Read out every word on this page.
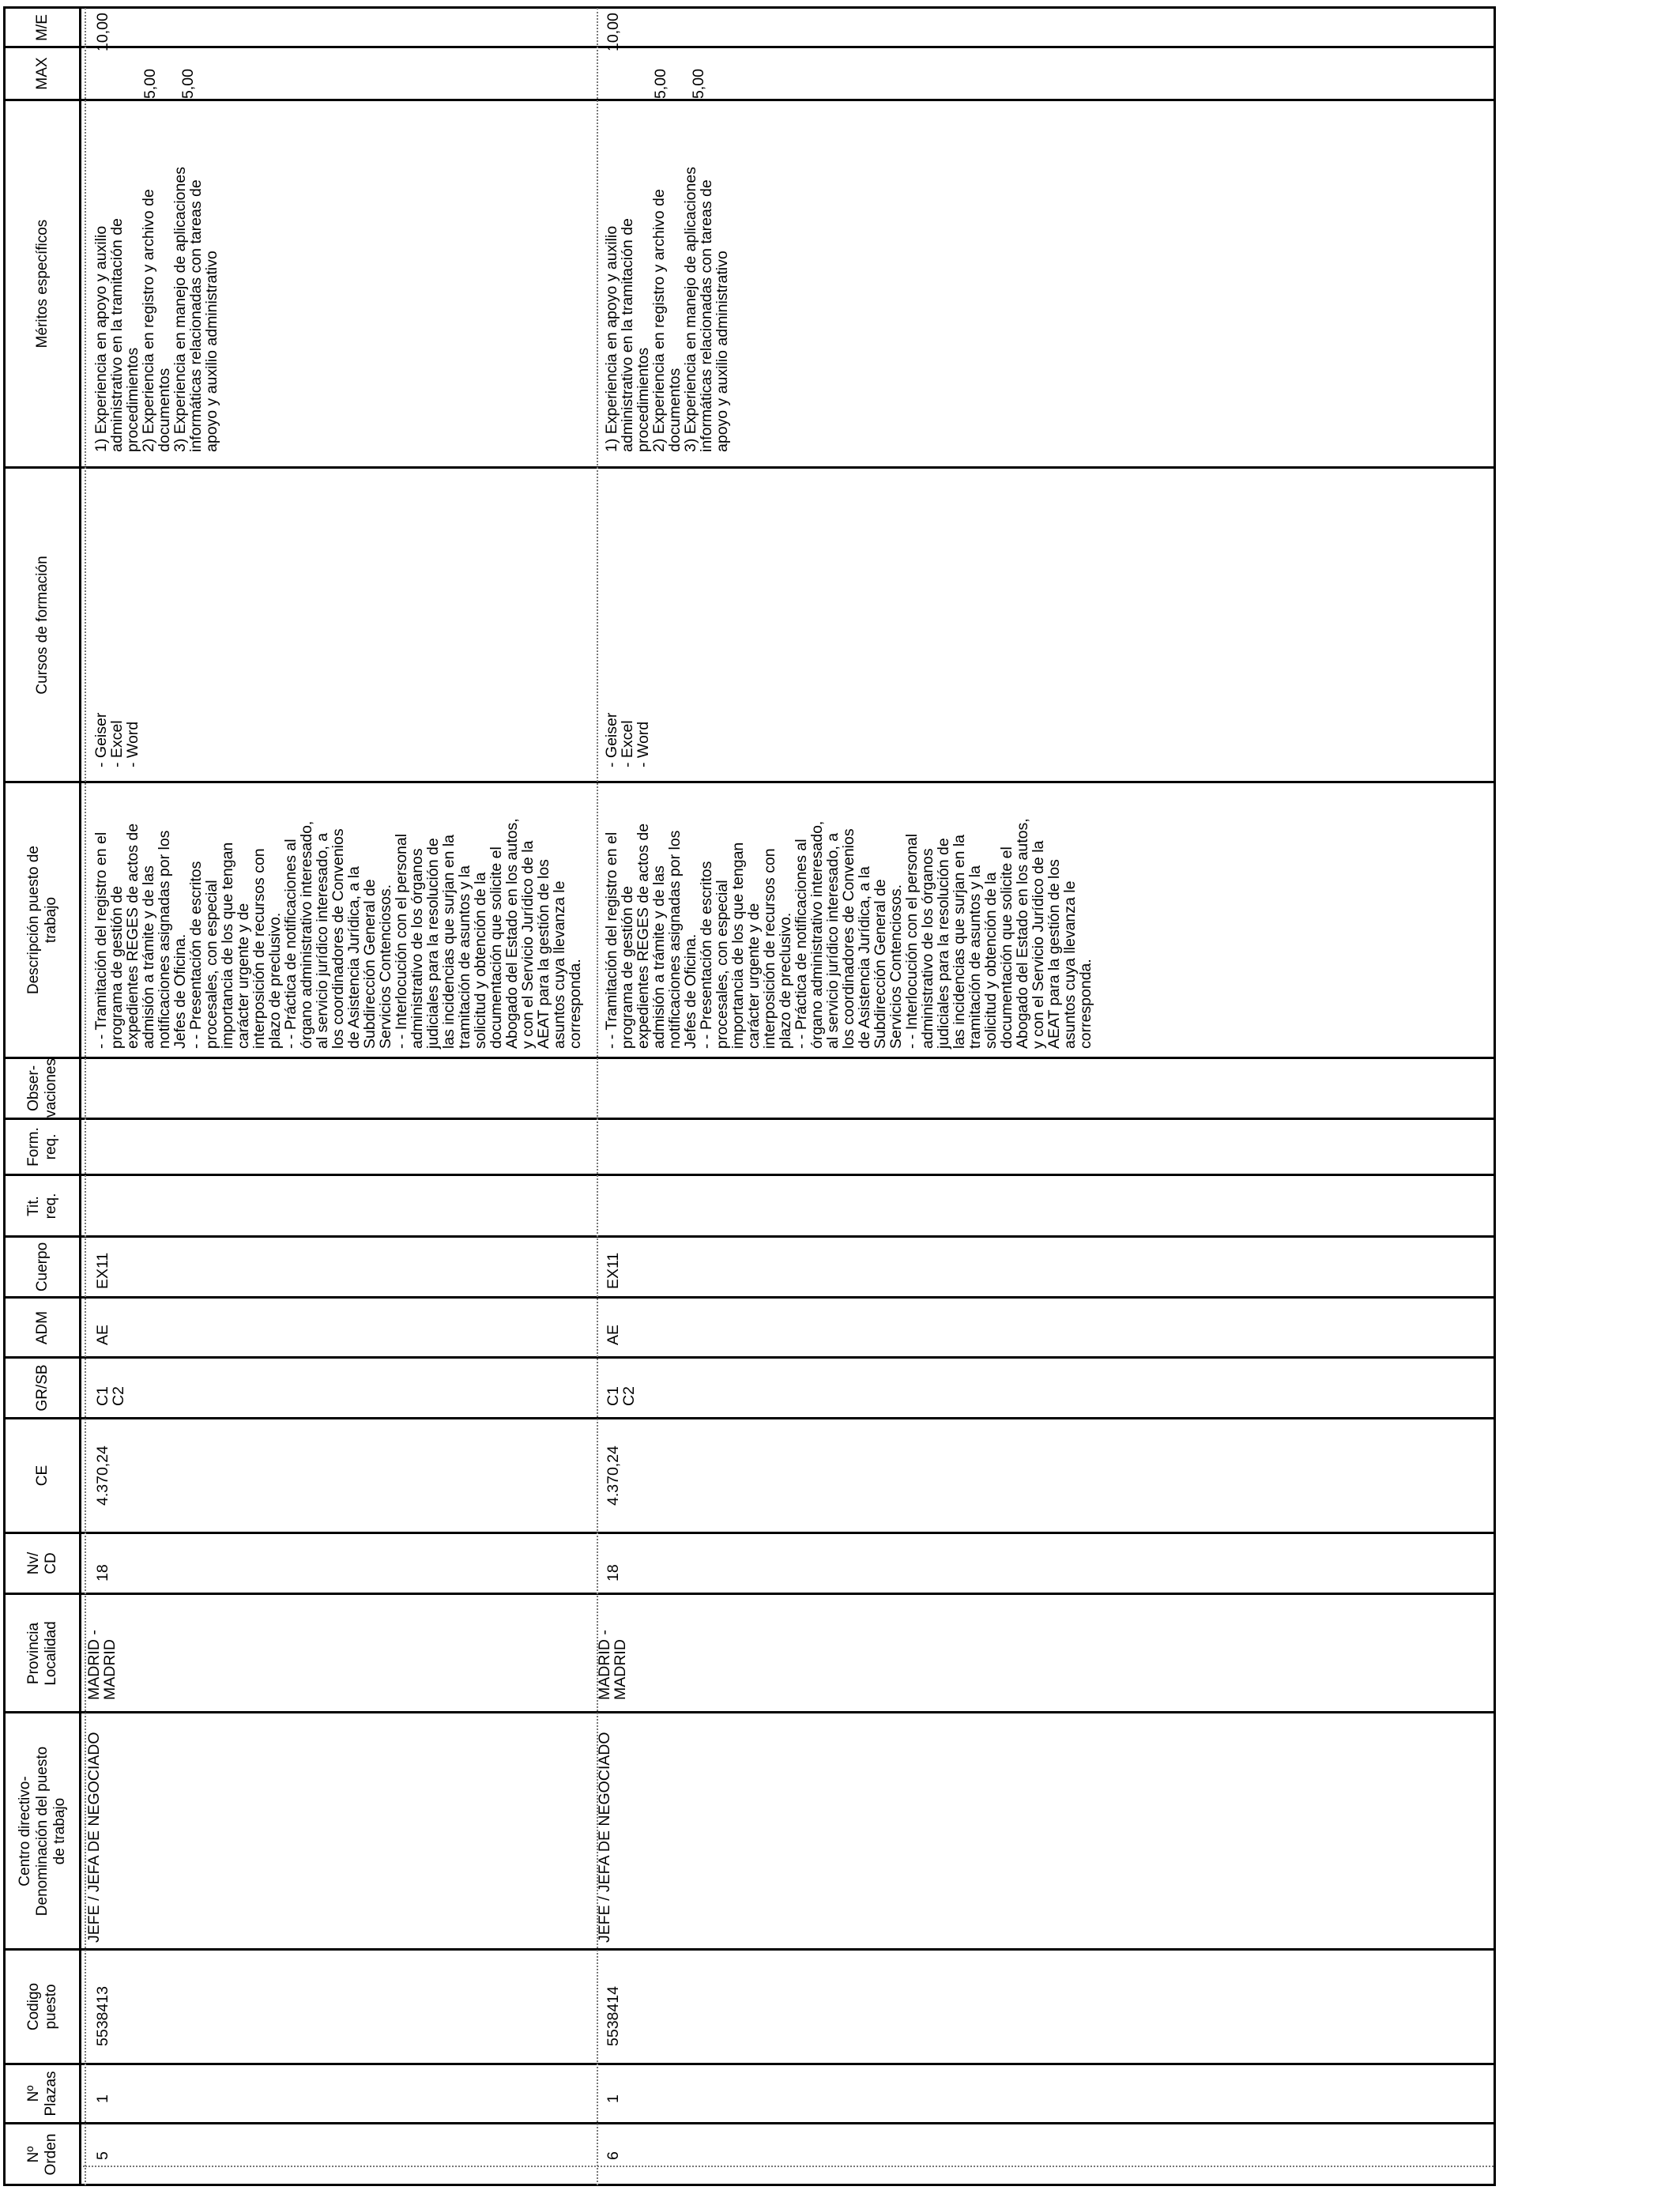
M/E
MAX
Méritos específicos
Cursos de formación
Descripción puesto de
trabajo
Obser-
vaciones
Form.
req.
Tit.
req.
Cuerpo
ADM
GR/SB
CE
Nv/
CD
Provincia
Localidad
Centro directivo-
Denominación del puesto
de trabajo
Codigo
puesto
Nº
Plazas
Nº
Orden
10,00
5,00 5,00
1) Experiencia en apoyo y auxilio
administrativo en la tramitación de
procedimientos
2) Experiencia en registro y archivo de
documentos
3) Experiencia en manejo de aplicaciones
informáticas relacionadas con tareas de
apoyo y auxilio administrativo
- Geiser
- Excel
- Word
- - Tramitación del registro en el
programa de gestión de
expedientes REGES de actos de
admisión a trámite y de las
notificaciones asignadas por los
Jefes de Oficina.
- - Presentación de escritos
procesales, con especial
importancia de los que tengan
carácter urgente y de
interposición de recursos con
plazo de preclusivo.
- - Práctica de notificaciones al
órgano administrativo interesado,
al servicio jurídico interesado, a
los coordinadores de Convenios
de Asistencia Jurídica, a la
Subdirección General de
Servicios Contenciosos.
- - Interlocución con el personal
administrativo de los órganos
judiciales para la resolución de
las incidencias que surjan en la
tramitación de asuntos y la
solicitud y obtención de la
documentación que solicite el
Abogado del Estado en los autos,
y con el Servicio Jurídico de la
AEAT para la gestión de los
asuntos cuya llevanza le
corresponda.
EX11
AE
C1
C2
4.370,24
18
MADRID -
MADRID
JEFE / JEFA DE NEGOCIADO
5538413
1
5
10,00
5,00 5,00
1) Experiencia en apoyo y auxilio
administrativo en la tramitación de
procedimientos
2) Experiencia en registro y archivo de
documentos
3) Experiencia en manejo de aplicaciones
informáticas relacionadas con tareas de
apoyo y auxilio administrativo
- Geiser
- Excel
- Word
- - Tramitación del registro en el
programa de gestión de
expedientes REGES de actos de
admisión a trámite y de las
notificaciones asignadas por los
Jefes de Oficina.
- - Presentación de escritos
procesales, con especial
importancia de los que tengan
carácter urgente y de
interposición de recursos con
plazo de preclusivo.
- - Práctica de notificaciones al
órgano administrativo interesado,
al servicio jurídico interesado, a
los coordinadores de Convenios
de Asistencia Jurídica, a la
Subdirección General de
Servicios Contenciosos.
- - Interlocución con el personal
administrativo de los órganos
judiciales para la resolución de
las incidencias que surjan en la
tramitación de asuntos y la
solicitud y obtención de la
documentación que solicite el
Abogado del Estado en los autos,
y con el Servicio Jurídico de la
AEAT para la gestión de los
asuntos cuya llevanza le
corresponda.
EX11
AE
C1
C2
4.370,24
18
MADRID -
MADRID
JEFE / JEFA DE NEGOCIADO
5538414
1
6
